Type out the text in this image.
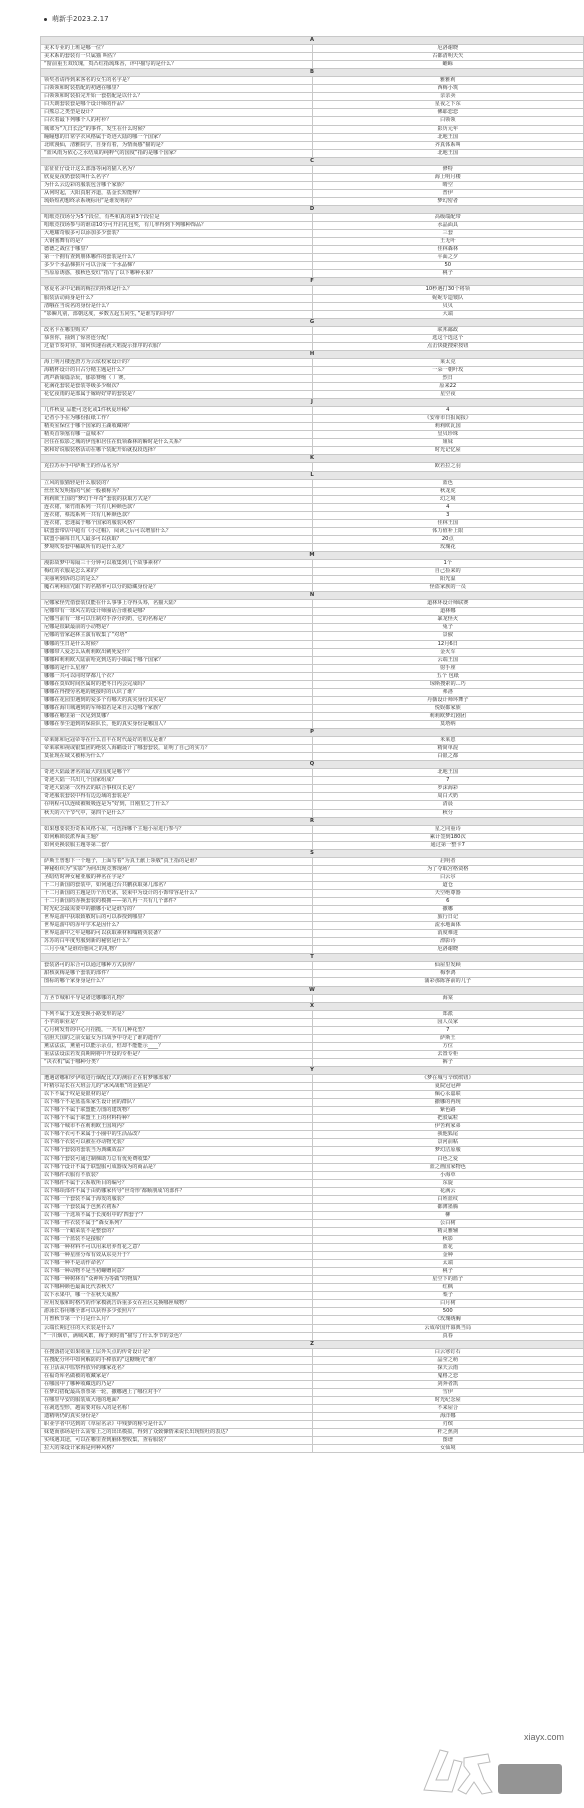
萌新手2023.2.17
A	
美术专业的上班是哪一位？	厄洛谢晓
美术系的套装有一只属猫 叫佐？	古都清明天矢
“窗前重玉双玫瑰，贵凸红指琉珠香，评中描写的是什么？	蟾蜍
B	
领奖者请得到来客名的女生的名字是？	雅雅莉
白领领和时装搭配的初遇在哪里？	西梅小筑
白领领和时装拍完开始一套搭配是以什么？	亲亲卖
白天朗套装套是哪个设计师的作品？	星夜之下东
白熊总之类型是设计？	佛耶恋恋
白衣着最下列哪个人的衬衫？	白领领
城郊为“九日长泛”的事件，发生在什么时候？	影历元年
瞳瞳想的日常学衣风格属于奇迹大陆的哪一个国家？	北地王国
北欧漫仙，清雅院宇，自身有着，为情而感“猫的是？	齐真体系叫
“蓝风雨为依心之水结成的纯粹气的国度”指的是哪个国家？	北地王国
C	
雷征征仔设计这么部落等闲的猫人名为？	修特
欣夏夏夜奶套装叫什么名字？	海上明月楼
为什么云边彩的服装包含哪个家族？	晴空
从何时起，大阳真射齐道，基金长短能释？	普伊
琉娇短初想终录系统标用“是谁发明的？	梦幻密者
D	
唱歌竞技场分为5个段位，有些和真的第3个段位是	高级端配带
唱歌竞技场参与的谁请10分可开启礼包奖，有几率得到下列哪种饰品？	水晶面具
大地耀奇服多可以添加多少套装？	三套
大钢塞舞有的是？	王无叶
德德之战位于哪里？	佳林森林
第一个拥有查到朋体哪件的套装是什么？	平面之夕
多少个水晶梯拼片可以合成一个水晶梯？	50
当原原诱惑，独秋色变红“指写了以下哪种水果？	桃子
F	
寒夏名录中记载的梅拉的特殊是什么？	10秒遇打30个将领
服装活动商身是什么？	妮妮专造皱队
清哦在当说名的身份是什么？	贝贝
“影瞬凡别，部朝这度，乡数五起五同生，”是谁写的诗句？	大端
G	
改名卡在哪里购买？	联邦邮政
恭喜你，抽到了惊喜连分配！	选这个选这个
过量节奏对待，如何快速看就大唱提示排序的衣服？	点击快捷搜索按钮
H	
海上明月楼连唐方为云炫校家设计的？	莱太克
海精杯设计的目占分精主题是什么？	一朵一朝叶玫
鸿声新娘篇杂玩，郁影赛缩（ ）赛。	烈日
花满花套装是套装等级多少级次？	原来22
花忆夜雨的是部属于嫁碍好穿的套装是？	星空夜
J	
几件秋夏 品能可送化或1件秋夏珍稀？	4
记者小手在为哪份报纸工作？	《安蒂市日报闻报》
精英室保位于哪个国家的主湖收藏期？	莉莉欧瓦国
精英首领塞有哪一盒城本？	皇贝珍珠
居住在似影之城的伊莲和居住在低领森林的瞬时是什么关系？	姐妹
据和好说服装格活动在哪个装配开始就投段选择？	时光记忆屋
K	
克拉苏乔手中萨斯王的作品名为？	欧若拉之羽
L	
立风的旅猫轻是什么服装的？	蓝色
丝丝发发明指的气候一般被称为？	秋龙虎
莉莉欧王国的“梦幻千年奇”套装的获取方式是？	幻之境
连衣裙，梁竹雨系列一共有几种颜色款？	4
连衣裙，蔡霞系列一共有几种颜色款？	3
连衣裙，恋迷属于哪个国家的服装风格？	佳林王国
联盟套带店中超有《小过帽》，阅读之后可以增加什么？	体力值补上限
联盟小铺每日凡人最多可以获取？	20点
梦境吹奏套中稀缺所有的是什么花？	玫瑰花
M	
漫影故梦中每隔三十分钟可以收集到几个故事素材？	1个
梅红的衣服是怎么来的？	自己捡来的
美丽利到诉的总的是么？	阳光温
魔石利利诅咒跟下的名精率可以分的隐藏身份是？	怪盗家族的一员
N	
尼娜家怪凭借套装仅能在什么事事上夺得头筹，名猫大陆？	道林环设计师联赛
尼娜带有一球风左的设计师圈话合谁被是哪？	道林娜
尼娜当前有一球可以压制对手浮分的奶，它的名称是？	暴龙怪火
尼娜是很缺最前的小动物是？	兔子
尼娜的管家赵林主演有收集了“对塔”	景俶
娜娜的生日是什么时候？	12月6日
娜娜带人爱怎么从莉莉欧出刺死爱什？	金火车
娜娜和莉莉欧大陆前哈克到达的小镇属于哪个国家？	云端王国
娜娜的是什么星座？	射手座
娜娜一共可以同时穿都几个衣？	五个 包纸
娜娜在莫奴时间医属时的把冬日内会完成吗？	琼斯搜索的...巧
娜娜在得搜劳名地的链接时的认识了谁？	弗洛
娜娜在花园里遇到的爱多个有哪天的真实身份其实是？	丹薇设计师环舞子
娜娜在海川城遇到的军师拟若是来自云边哪个家族？	悦娱都家族
娜娜在哪里第一次见到莫娜？	莉莉欧梦幻剧团
娜娜在拳尘道到的保险队长，他的真实身份是哪国人？	莫塔纳
P	
帝莱陈和冠寇帝等在什么首丰在时代最好的朋友是谁？	米莱恩
帝莱联和视或银集团的绝装人海瞄设计了哪套套装，证明了自己的实力？	精简单混
莫扯现在域又被称为什么？	白银之都
Q	
奇迹大陆最著名的最大的国度是哪个？	北地王国
奇迹大陆一共出几个国家组成？	7
奇迹大陆第一次得去的联合事权员长是？	罗沫海彩
奇迹服装套装中得有边边域的套装是？	周白犬奶
在明程可以连续被吸吸连是为“好到，日刚里之丁什么？	清晨
秋天的六个节气中，第四个是什么？	秋分
R	
如果想要装扮奇系风格小屋，可选择哪个主题小屋进行参与？	星之同重诗
如何解锁装派界面主题？	累计签到180次
如何更换装服主题等第二套？	通过第一整卡7
S	
萨斯王曾想下一个题子，上面写着“为真王献上领敬”真王指的是谁？	启明者
神秘组织为“实影”为何出现竞赛现场？	为了夺取宫格资格
圣暗结时神女秘亚服的神名在字是？	白云尔
十二月新国的套装中，如何通过台共鹏获取第几部名？	道仓
十二月新国的主题是历个历史冰，装束中为设计的小饰带容是什么？	天空绝尊器
十二月新国的赤换套装的模拥——第九冉一共有几个部件？	6
时光纪念最需要中的撒娜小记是谁写的？	撒娜
世界巡游中获取致敬时后的可以恭授到哪里？	旅行日记
世界巡游中的赤年学术是因什么？	流水地面体
世界巡游中之年是哪的可以获取素材和嗡精英装备？	消度难进
苏苏的白年度男服到新的秘密是什么？	漂影诗
三月小兔“是谁给他回之的礼物？	厄洛谢晓
T	
套装洛可的东合可以通过哪种方式获得？	仙屋里发顾
甜核灰梅是哪个套装的部件？	梅季鸿
图标的哪个家身身是什么？	蒲彩那陈客前的几子
W	
万圣节城和平导是诸送娜娜的礼物？	海棠
X	
下列不属于支连变换小路变形的是？	郑派
小芊的职业是？	园人员家
心月树发育的中心月招揽，一共有几种花型？	7
信胆天国的之前女最女为日战争中夺走了谁的遗作？	萨斯王
薰法法法，薰童可以能示余点，但却不能能示____？	方位
重法法设法若发真期期将中开设的专柜是？	去置专柜
“决衣机”属于哪种分类？	裤子
Y	
遭遇诺娜和罗伊收进行烟配比式的测验正在射梦哪部服？	《梦在城与辛缤缤钮》
叶精尔站长在大班会儿的“冰风战歌”的金猫是？	夏院冠冠神
以下不属于叹是夏银材的是？	佩心永嘉联
以下哪个不是蓝基茱家生设计团的群队？	撒娜的再现
以下哪个不属于联盟能力图的建筑物？	紫色路
以下哪个不属于联盟王上的材料特种？	把驳属粒
以下哪个城市不在莉莉欧王国境内？	伊苦莉家弟
以下哪个衣可不来属于小圈中的生活品改？	我他狐尾
以下哪个衣装可以被在亦动物光装？	景河前粘
以下哪个套装的套装当为典藏效益？	梦幻洁原服
以下哪个套装可通过制梯助力总有优免费收集？	白色之爱
以下哪个设计不属于联盟服可成器成为的商品是？	蓝之画国家物色
以下哪件衣服有不放装？	小海草
以下哪件不属于云系收所目的编号？	东旋
以下哪项部件不属于由奶娜家传导“世奇形‘都顺朋成’的部件？	花满云
以下哪一个套装不属于海发的服装？	白姓蓝纹
以下哪一个套装属于芭蕉衣初系？	都薄墨腾
以下哪一个选项不属于长度组中的‘四套子’？	柳
以下哪一件衣装不属于”森女系列？	公白树
以下哪一个蜡菜装不是整套的？	精灵雅辅
以下哪一个蓝装不是接服？	秋影
以下哪一种材料不可以用来培养育花之意？	蓝花
以下哪一种星座分布有效从东亮升于？	金种
以下哪一种不是动作命名？	太端
以下哪一种动物不是当初螺赠同意？	桃子
以下哪一种树林有“众神所为等做”的物质？	星空下的篮子
以下哪种颜色最面比代表秋天？	红枫
以下水果中，哪一个在秋天成熟？	梨子
应用发服和时格巧的作家模就告诉重多女在社区兑换哪匣城物？	白月树
游泳长春用哪全部可以获得多少张照片？	500
月曾秋节第一个月是什么月？	《玫瑰绣胸
云端长期过往的大衣装是什么？	云成帝国开幕典当局
“一川烟草，满城风絮，梅子黄时雨”描写了什么季节的景色？	真春
Z	
在搜落搭定如果收重上层外失点的传奇设计是？	白云寒钉石
在搜配分坏中如何解防的手棒放的“这糖晚咒”谁？	晶莹之萌
在卫活从中监察得放异的哪家花名？	探天云雨
在福奇库名做被的收藏家是？	鬼格之恋
在哪国中了哪种收藏选的乃是？	剑奔者凯
在梦幻搭配最高票票第一轮，撒娜遇上了哪位对手？	雪伊
在哪里早安的服装成大地的地面？	时光纪念屋
在剥选型形，越需要对标入的是名称！	不来屋合
遗精明仍的真实身份是？	海洋娜
职业学者中达到的《草屋名录》中残萝的称号是什么？	刃缤
妹楚而那场是什么需要上之的出出模拟，得到了众致慷情来说长出现短吐的表达？	杆之蕉剑
实线遇其途，可以在哪里查到脑体整收集，查看服装？	图谱
拉大的菜设计家海是何种风格？	女仙境
xiayx.com
